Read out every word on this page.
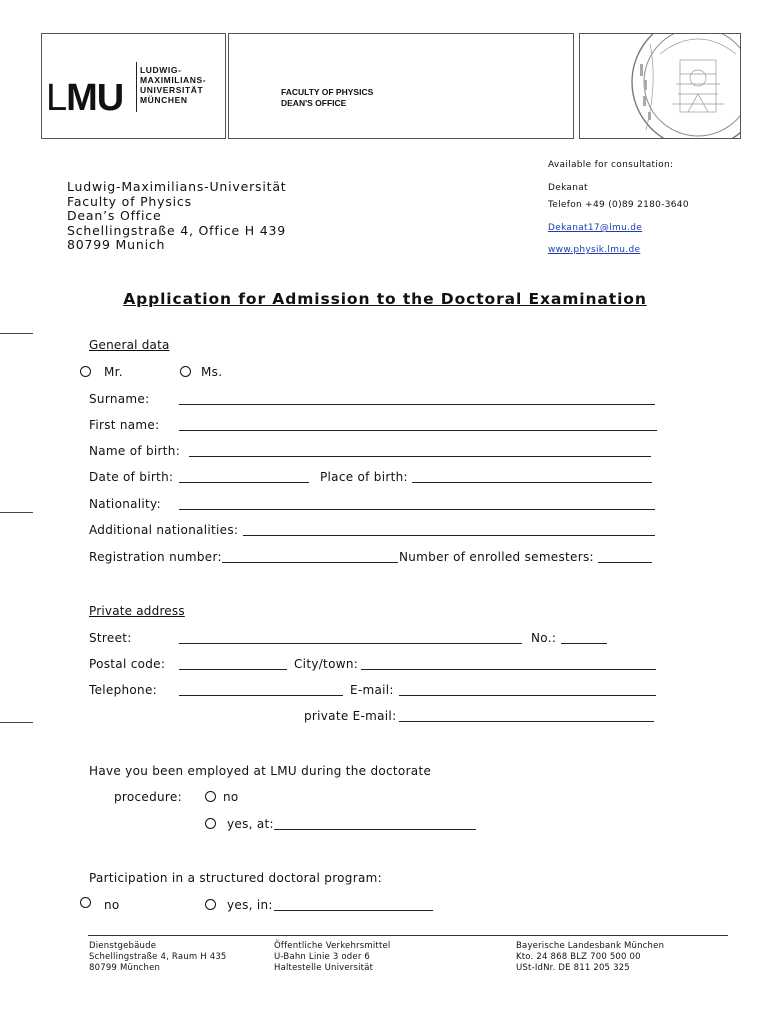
LMU
LUDWIG-
MAXIMILIANS-
UNIVERSITÄT
MÜNCHEN
FACULTY OF PHYSICS
DEAN'S OFFICE
Ludwig-Maximilians-Universität
Faculty of Physics
Dean’s Office
Schellingstraße 4, Office H 439
80799 Munich
Available for consultation:
Dekanat
Telefon +49 (0)89 2180-3640
Dekanat17@lmu.de
www.physik.lmu.de
Application for Admission to the Doctoral Examination
General data
Mr.	Ms.
Surname:
First name:
Name of birth:
Date of birth:	Place of birth:
Nationality:
Additional nationalities:
Registration number:	Number of enrolled semesters:
Private address
Street:	No.:
Postal code:	City/town:
Telephone:	E-mail:
private E-mail:
Have you been employed at LMU during the doctorate
procedure:	no
yes, at:
Participation in a structured doctoral program:
no	yes, in:
Dienstgebäude
Schellingstraße 4, Raum H 435
80799 München
Öffentliche Verkehrsmittel
U-Bahn Linie 3 oder 6
Haltestelle Universität
Bayerische Landesbank München
Kto. 24 868 BLZ 700 500 00
USt-IdNr. DE 811 205 325
